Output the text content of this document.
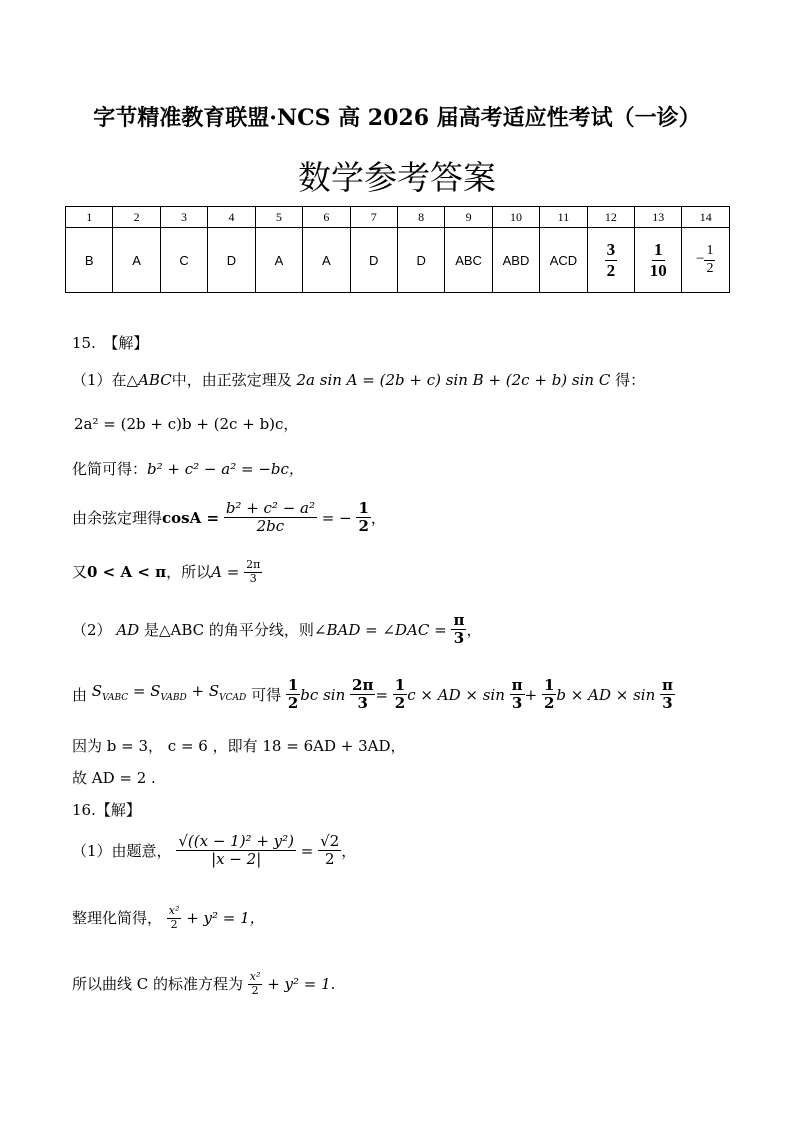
字节精准教育联盟·NCS 高 2026 届高考适应性考试（一诊）
数学参考答案
1	2	3	4	5	6	7	8	9	10	11	12	13	14
B	A	C	D	A	A	D	D	ABC	ABD	ACD	$\frac{3}{2}$	$\frac{1}{10}$	− $\frac{1}{2}$
15.　【解】
（1）在△ABC中，由正弦定理及 2a sin A = (2b + c) sin B + (2c + b) sin C 得：
2a² = (2b + c)b + (2c + b)c，
化简可得：b² + c² − a² = −bc，
由余弦定理得$\cos A = \frac{\text{b² + c² − a²}}{2bc}$ = − $\frac{1}{2}$ ，
又0 < A < π，所以$A = \frac{2\pi}{3}$
（2） AD 是△ABC 的角平分线，则∠BAD = ∠DAC = $\frac{\pi}{3}$ ，
由 $S_{VABC} = S_{VABD} + S_{VCAD}$ 可得 $\frac{1}{2}$ bc $\sin \frac{2\pi}{3} = \frac{1}{2}$ c × AD × $\sin \frac{\pi}{3} + \frac{1}{2}$ b × AD × $\sin \frac{\pi}{3}$
因为 b = 3， c = 6 ，即有 18 = 6AD + 3AD，
故 AD = 2 .
16.【解】
（1）由题意， $\frac{\text{√((x − 1)² + y²)}}{|x - 2|} = \frac{√2}{2}$ ，
整理化简得， $\frac{\text{x²}}{2} + y^2 = 1$，
所以曲线 C 的标准方程为 $\frac{\text{x²}}{2} + y^2 = 1$.
